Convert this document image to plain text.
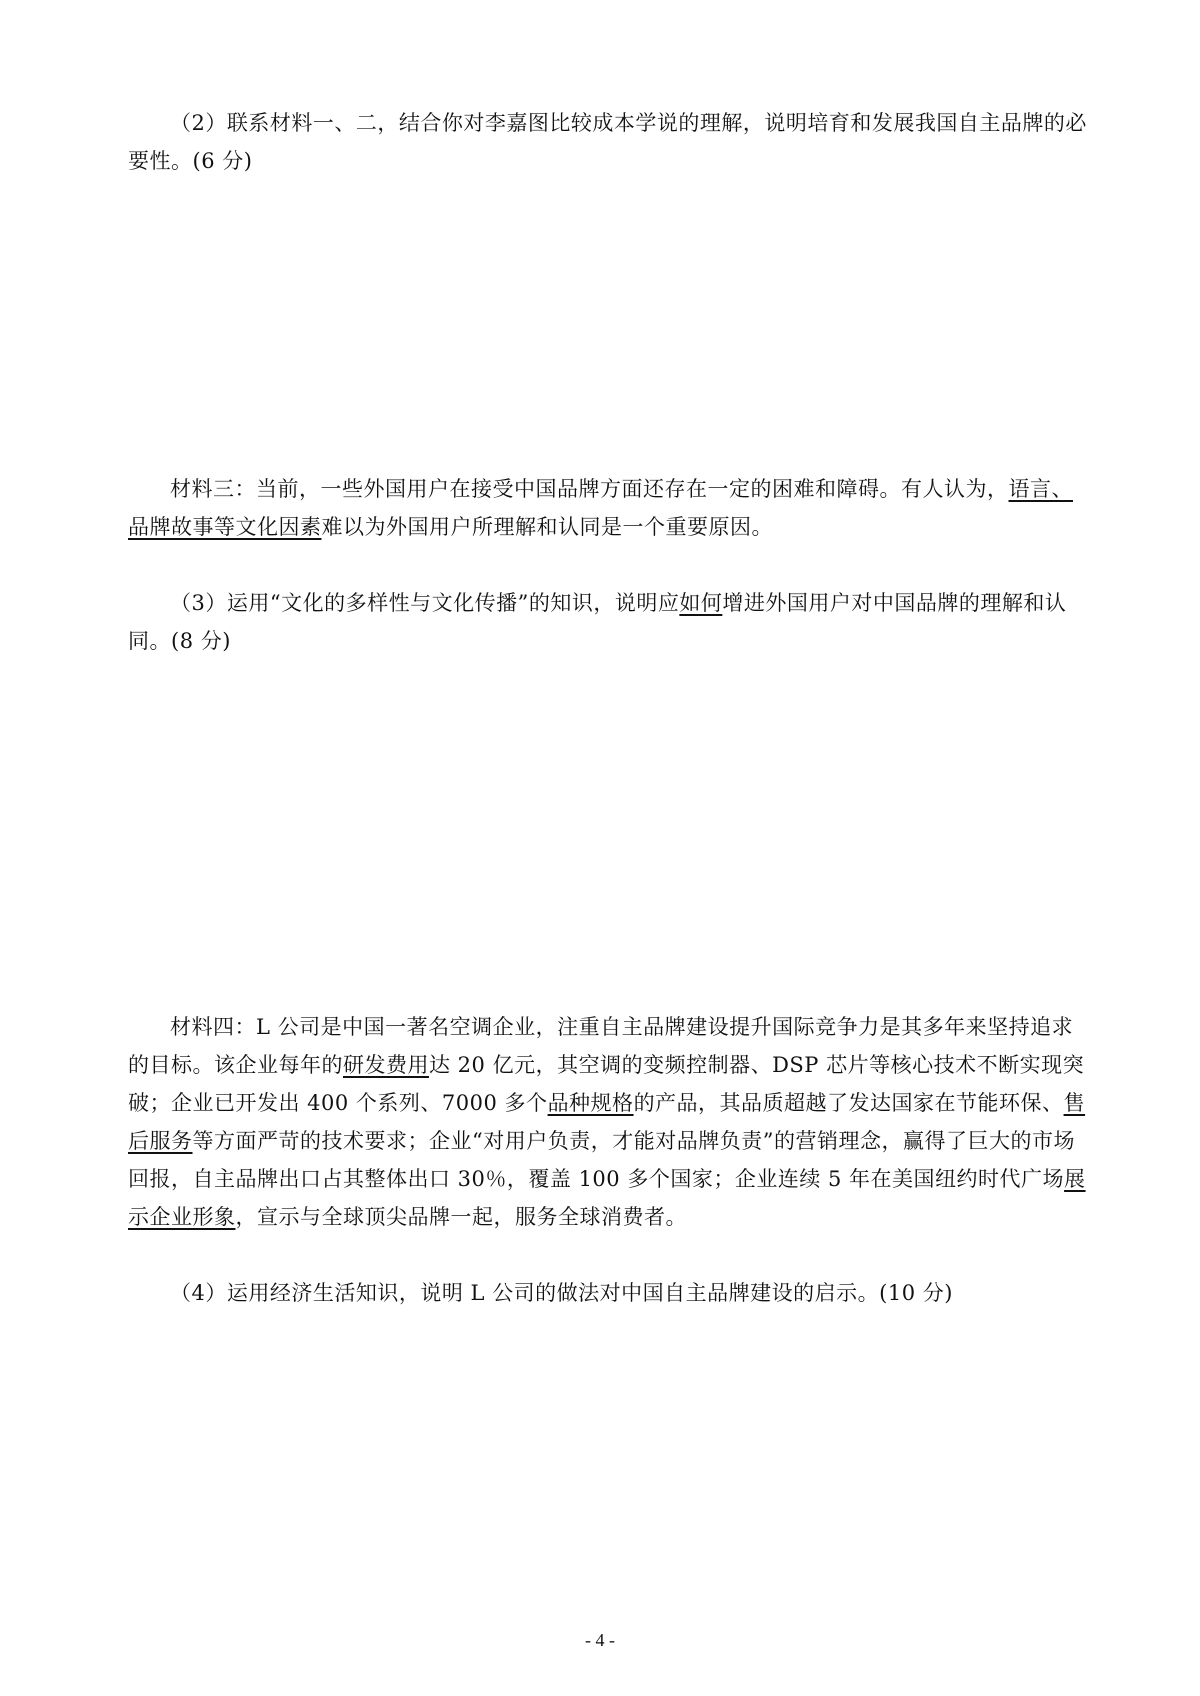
（2）联系材料一、二，结合你对李嘉图比较成本学说的理解，说明培育和发展我国自主品牌的必要性。(6 分)

材料三：当前，一些外国用户在接受中国品牌方面还存在一定的困难和障碍。有人认为，语言、品牌故事等文化因素难以为外国用户所理解和认同是一个重要原因。

（3）运用“文化的多样性与文化传播”的知识，说明应如何增进外国用户对中国品牌的理解和认同。(8 分)

材料四：L 公司是中国一著名空调企业，注重自主品牌建设提升国际竞争力是其多年来坚持追求的目标。该企业每年的研发费用达 20 亿元，其空调的变频控制器、DSP 芯片等核心技术不断实现突破；企业已开发出 400 个系列、7000 多个品种规格的产品，其品质超越了发达国家在节能环保、售后服务等方面严苛的技术要求；企业“对用户负责，才能对品牌负责”的营销理念，赢得了巨大的市场回报，自主品牌出口占其整体出口 30％，覆盖 100 多个国家；企业连续 5 年在美国纽约时代广场展示企业形象，宣示与全球顶尖品牌一起，服务全球消费者。

（4）运用经济生活知识，说明 L 公司的做法对中国自主品牌建设的启示。(10 分)

- 4 -
